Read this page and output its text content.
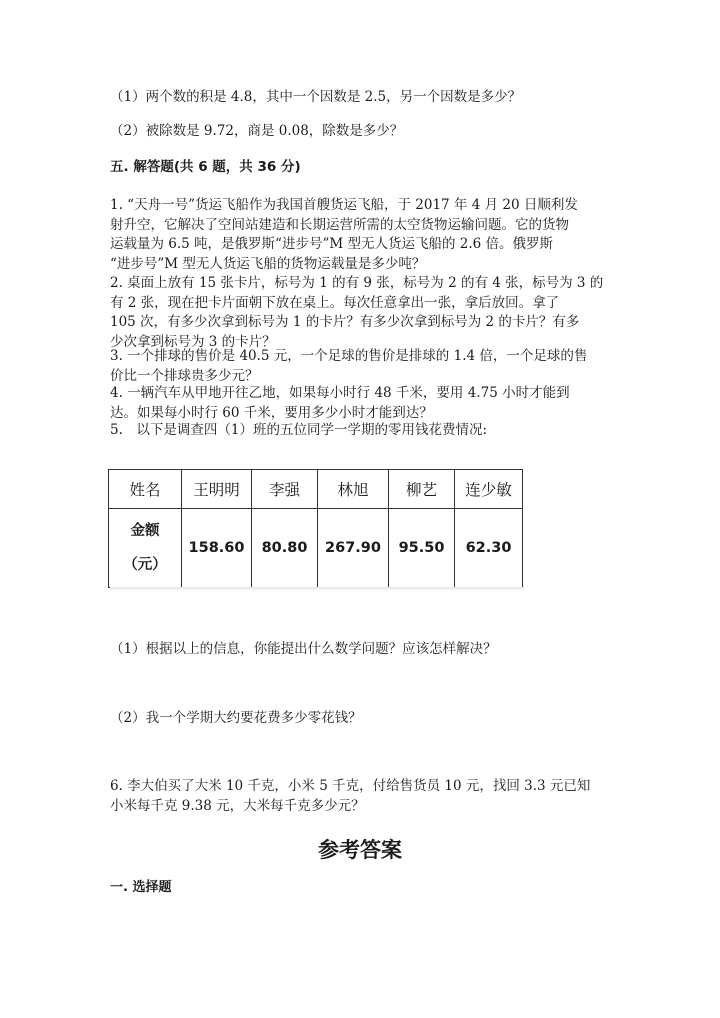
（1）两个数的积是 4.8，其中一个因数是 2.5，另一个因数是多少？
（2）被除数是 9.72，商是 0.08，除数是多少？
五. 解答题(共 6 题，共 36 分)
1. “天舟一号”货运飞船作为我国首艘货运飞船，于 2017 年 4 月 20 日顺利发
射升空，它解决了空间站建造和长期运营所需的太空货物运输问题。它的货物
运载量为 6.5 吨，是俄罗斯“进步号”M 型无人货运飞船的 2.6 倍。俄罗斯
“进步号”M 型无人货运飞船的货物运载量是多少吨？
2. 桌面上放有 15 张卡片，标号为 1 的有 9 张，标号为 2 的有 4 张，标号为 3 的
有 2 张，现在把卡片面朝下放在桌上。每次任意拿出一张，拿后放回。拿了
105 次，有多少次拿到标号为 1 的卡片？有多少次拿到标号为 2 的卡片？有多
少次拿到标号为 3 的卡片？
3. 一个排球的售价是 40.5 元，一个足球的售价是排球的 1.4 倍，一个足球的售
价比一个排球贵多少元？
4. 一辆汽车从甲地开往乙地，如果每小时行 48 千米，要用 4.75 小时才能到
达。如果每小时行 60 千米，要用多少小时才能到达？
5.　以下是调查四（1）班的五位同学一学期的零用钱花费情况:
姓名	王明明	李强	林旭	柳艺	连少敏

金额
（元）	158.60	80.80	267.90	95.50	62.30
（1）根据以上的信息，你能提出什么数学问题？应该怎样解决？
（2）我一个学期大约要花费多少零花钱？
6. 李大伯买了大米 10 千克，小米 5 千克，付给售货员 10 元，找回 3.3 元已知
小米每千克 9.38 元，大米每千克多少元？
参考答案
一. 选择题
